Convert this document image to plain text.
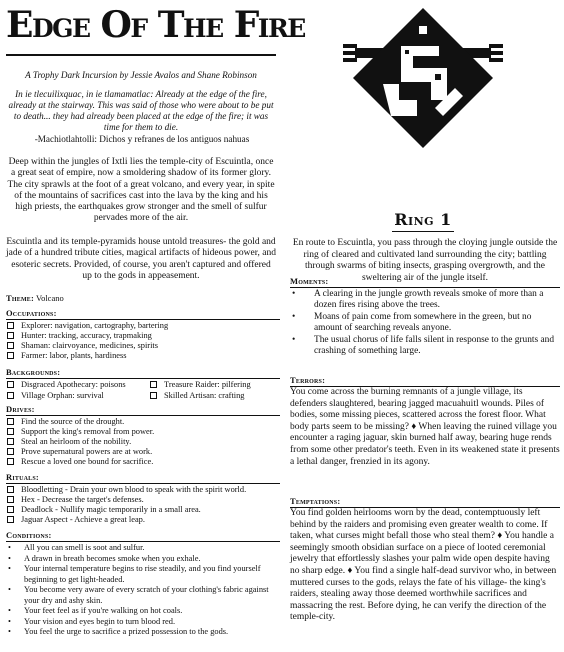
Edge Of The Fire
A Trophy Dark Incursion by Jessie Avalos and Shane Robinson
In ie tlecuilixquac, in ie tlamamatlac: Already at the edge of the fire, already at the stairway. This was said of those who were about to be put to death... they had already been placed at the edge of the fire; it was time for them to die.
-Machiotlahtolli: Dichos y refranes de los antiguos nahuas
Deep within the jungles of Ixtli lies the temple-city of Escuintla, once a great seat of empire, now a smoldering shadow of its former glory. The city sprawls at the foot of a great volcano, and every year, in spite of the mountains of sacrifices cast into the lava by the king and his high priests, the earthquakes grow stronger and the smell of sulfur pervades more of the air.
Escuintla and its temple-pyramids house untold treasures- the gold and jade of a hundred tribute cities, magical artifacts of hideous power, and esoteric secrets. Provided, of course, you aren't captured and offered up to the gods in appeasement.
Theme: Volcano
Occupations:
Explorer: navigation, cartography, bartering
Hunter: tracking, accuracy, trapmaking
Shaman: clairvoyance, medicines, spirits
Farmer: labor, plants, hardiness
Backgrounds:
Disgraced Apothecary: poisons	Treasure Raider: pilfering
Village Orphan: survival	Skilled Artisan: crafting
Drives:
Find the source of the drought.
Support the king's removal from power.
Steal an heirloom of the nobility.
Prove supernatural powers are at work.
Rescue a loved one bound for sacrifice.
Rituals:
Bloodletting - Drain your own blood to speak with the spirit world.
Hex - Decrease the target's defenses.
Deadlock - Nullify magic temporarily in a small area.
Jaguar Aspect - Achieve a great leap.
Conditions:
•	All you can smell is soot and sulfur.
•	A drawn in breath becomes smoke when you exhale.
•	Your internal temperature begins to rise steadily, and you find yourself beginning to get light-headed.
•	You become very aware of every scratch of your clothing's fabric against your dry and ashy skin.
•	Your feet feel as if you're walking on hot coals.
•	Your vision and eyes begin to turn blood red.
•	You feel the urge to sacrifice a prized possession to the gods.
Ring 1
En route to Escuintla, you pass through the cloying jungle outside the ring of cleared and cultivated land surrounding the city; battling through swarms of biting insects, grasping overgrowth, and the sweltering air of the jungle itself.
Moments:
•	A clearing in the jungle growth reveals smoke of more than a dozen fires rising above the trees.
•	Moans of pain come from somewhere in the green, but no amount of searching reveals anyone.
•	The usual chorus of life falls silent in response to the grunts and crashing of something large.
Terrors:
You come across the burning remnants of a jungle village, its defenders slaughtered, bearing jagged macuahuitl wounds. Piles of bodies, some missing pieces, scattered across the forest floor. What body parts seem to be missing? ♦ When leaving the ruined village you encounter a raging jaguar, skin burned half away, bearing huge rends from some other predator's teeth. Even in its weakened state it presents a lethal danger, frenzied in its agony.
Temptations:
You find golden heirlooms worn by the dead, contemptuously left behind by the raiders and promising even greater wealth to come. If taken, what curses might befall those who steal them? ♦ You handle a seemingly smooth obsidian surface on a piece of looted ceremonial jewelry that effortlessly slashes your palm wide open despite having no sharp edge. ♦ You find a single half-dead survivor who, in between muttered curses to the gods, relays the fate of his village- the king's raiders, stealing away those deemed worthwhile sacrifices and massacring the rest. Before dying, he can verify the direction of the temple-city.
